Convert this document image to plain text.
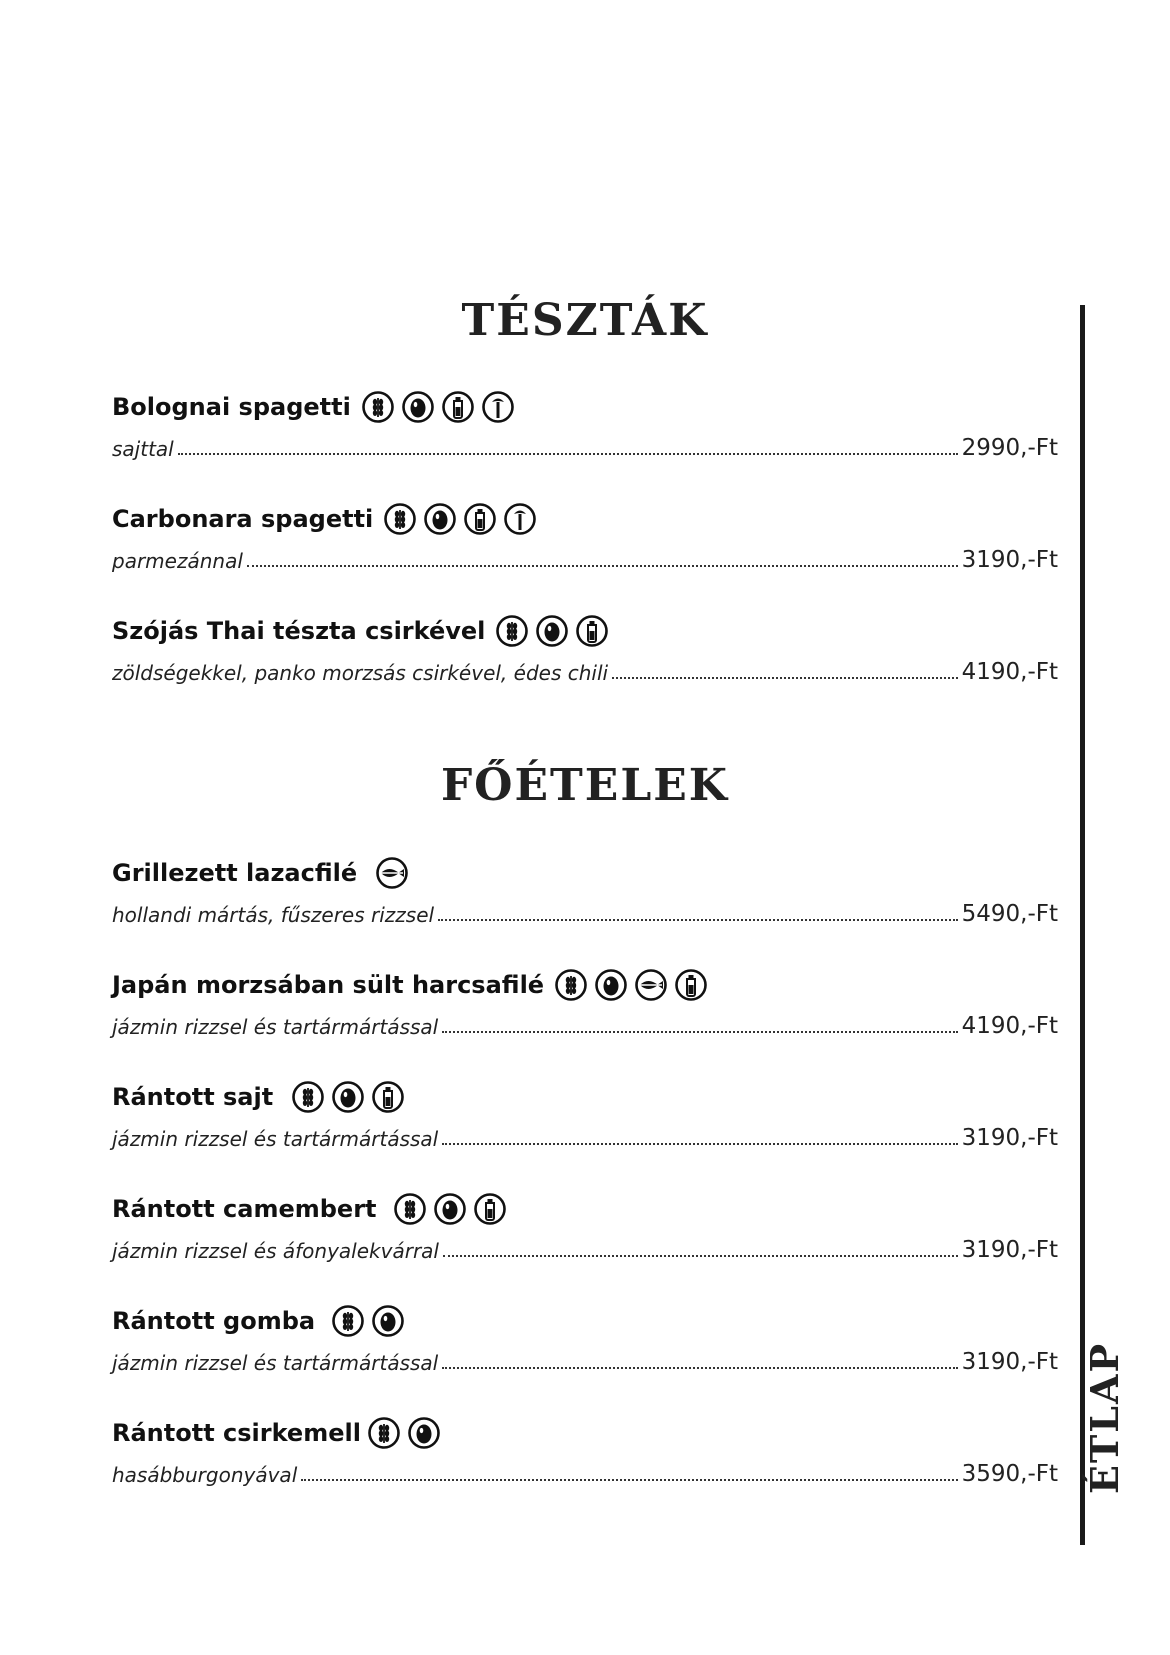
TÉSZTÁK
Bolognai spagetti
sajttal	2990,-Ft
Carbonara spagetti
parmezánnal	3190,-Ft
Szójás Thai tészta csirkével
zöldségekkel, panko morzsás csirkével, édes chili	4190,-Ft
FŐÉTELEK
Grillezett lazacfilé
hollandi mártás, fűszeres rizzsel	5490,-Ft
Japán morzsában sült harcsafilé
jázmin rizzsel és tartármártással	4190,-Ft
Rántott sajt
jázmin rizzsel és tartármártással	3190,-Ft
Rántott camembert
jázmin rizzsel és áfonyalekvárral	3190,-Ft
Rántott gomba
jázmin rizzsel és tartármártással	3190,-Ft
Rántott csirkemell
hasábburgonyával	3590,-Ft ÉTLAP
